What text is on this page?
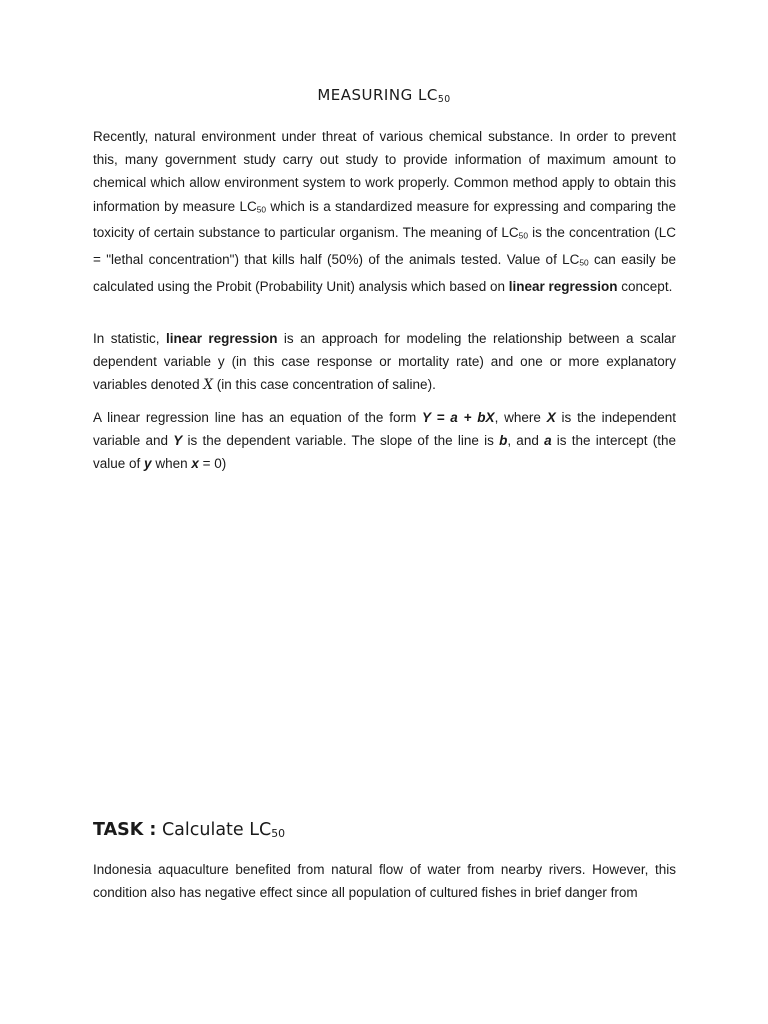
MEASURING $LC_{50}$

Recently, natural environment under threat of various chemical substance. In order to prevent this, many government study carry out study to provide information of maximum amount to chemical which allow environment system to work properly. Common method apply to obtain this information by measure $LC_{50}$ which is a standardized measure for expressing and comparing the toxicity of certain substance to particular organism. The meaning of $LC_{50}$ is the concentration (LC = "lethal concentration") that kills half (50%) of the animals tested. Value of $LC_{50}$ can easily be calculated using the Probit (Probability Unit) analysis which based on linear regression concept.

In statistic, linear regression is an approach for modeling the relationship between a scalar dependent variable y (in this case response or mortality rate) and one or more explanatory variables denoted X (in this case concentration of saline).

A linear regression line has an equation of the form Y = a + bX, where X is the independent variable and Y is the dependent variable. The slope of the line is b, and a is the intercept (the value of y when x = 0)

TASK : Calculate $LC_{50}$

Indonesia aquaculture benefited from natural flow of water from nearby rivers. However, this condition also has negative effect since all population of cultured fishes in brief danger from
